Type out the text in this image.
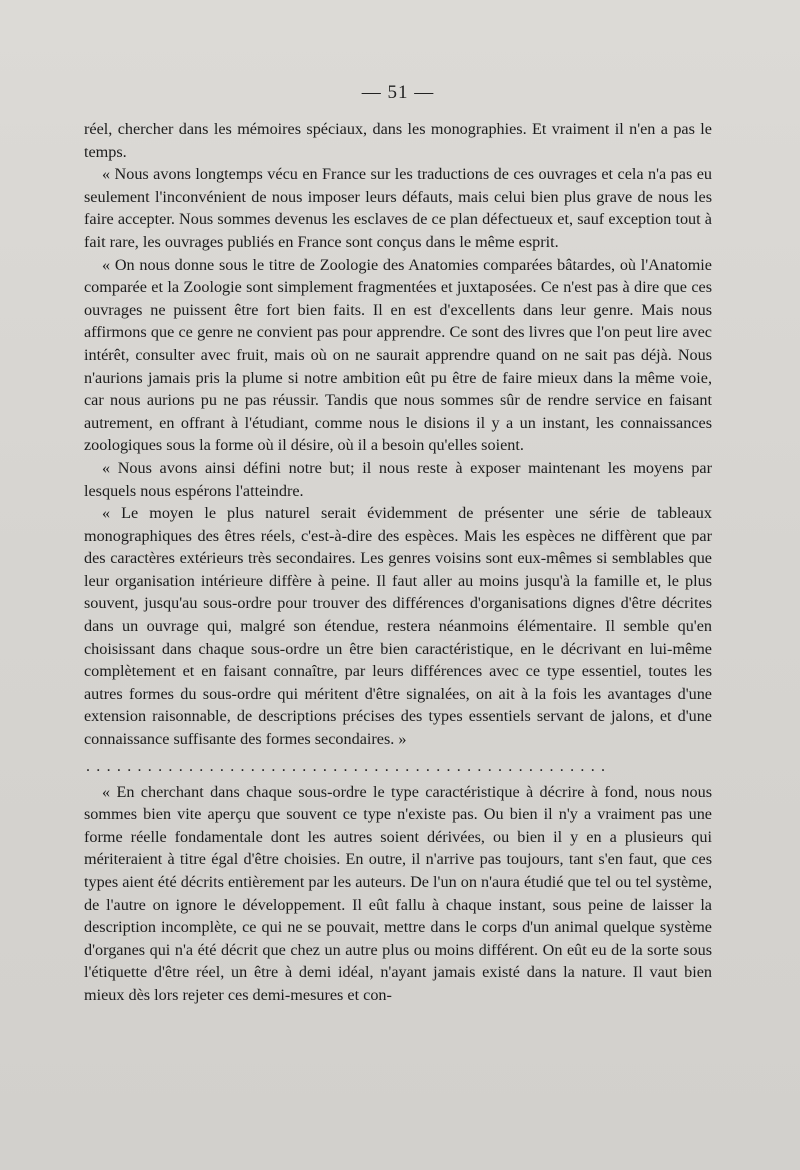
— 51 —

réel, chercher dans les mémoires spéciaux, dans les monographies. Et vraiment il n'en a pas le temps.

« Nous avons longtemps vécu en France sur les traductions de ces ouvrages et cela n'a pas eu seulement l'inconvénient de nous imposer leurs défauts, mais celui bien plus grave de nous les faire accepter. Nous sommes devenus les esclaves de ce plan défectueux et, sauf exception tout à fait rare, les ouvrages publiés en France sont conçus dans le même esprit.

« On nous donne sous le titre de Zoologie des Anatomies comparées bâtardes, où l'Anatomie comparée et la Zoologie sont simplement fragmentées et juxtaposées. Ce n'est pas à dire que ces ouvrages ne puissent être fort bien faits. Il en est d'excellents dans leur genre. Mais nous affirmons que ce genre ne convient pas pour apprendre. Ce sont des livres que l'on peut lire avec intérêt, consulter avec fruit, mais où on ne saurait apprendre quand on ne sait pas déjà. Nous n'aurions jamais pris la plume si notre ambition eût pu être de faire mieux dans la même voie, car nous aurions pu ne pas réussir. Tandis que nous sommes sûr de rendre service en faisant autrement, en offrant à l'étudiant, comme nous le disions il y a un instant, les connaissances zoologiques sous la forme où il désire, où il a besoin qu'elles soient.

« Nous avons ainsi défini notre but; il nous reste à exposer maintenant les moyens par lesquels nous espérons l'atteindre.

« Le moyen le plus naturel serait évidemment de présenter une série de tableaux monographiques des êtres réels, c'est-à-dire des espèces. Mais les espèces ne diffèrent que par des caractères extérieurs très secondaires. Les genres voisins sont eux-mêmes si semblables que leur organisation intérieure diffère à peine. Il faut aller au moins jusqu'à la famille et, le plus souvent, jusqu'au sous-ordre pour trouver des différences d'organisations dignes d'être décrites dans un ouvrage qui, malgré son étendue, restera néanmoins élémentaire. Il semble qu'en choisissant dans chaque sous-ordre un être bien caractéristique, en le décrivant en lui-même complètement et en faisant connaître, par leurs différences avec ce type essentiel, toutes les autres formes du sous-ordre qui méritent d'être signalées, on ait à la fois les avantages d'une extension raisonnable, de descriptions précises des types essentiels servant de jalons, et d'une connaissance suffisante des formes secondaires. »

...................................................

« En cherchant dans chaque sous-ordre le type caractéristique à décrire à fond, nous nous sommes bien vite aperçu que souvent ce type n'existe pas. Ou bien il n'y a vraiment pas une forme réelle fondamentale dont les autres soient dérivées, ou bien il y en a plusieurs qui mériteraient à titre égal d'être choisies. En outre, il n'arrive pas toujours, tant s'en faut, que ces types aient été décrits entièrement par les auteurs. De l'un on n'aura étudié que tel ou tel système, de l'autre on ignore le développement. Il eût fallu à chaque instant, sous peine de laisser la description incomplète, ce qui ne se pouvait, mettre dans le corps d'un animal quelque système d'organes qui n'a été décrit que chez un autre plus ou moins différent. On eût eu de la sorte sous l'étiquette d'être réel, un être à demi idéal, n'ayant jamais existé dans la nature. Il vaut bien mieux dès lors rejeter ces demi-mesures et con-
